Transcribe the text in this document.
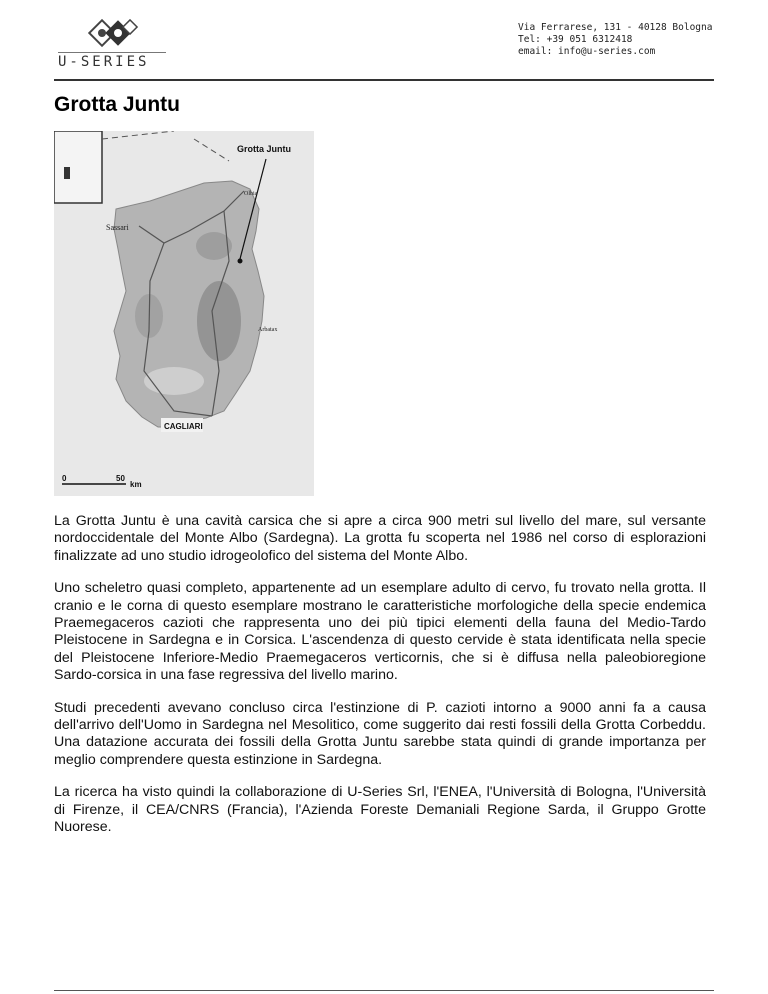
U-SERIES
Via Ferrarese, 131 - 40128 Bologna
Tel: +39 051 6312418
email: info@u-series.com
Grotta Juntu
Grotta Juntu
Sassari
Olbia
Arbatax
CAGLIARI
0	50
km

La Grotta Juntu è una cavità carsica che si apre a circa 900 metri sul livello del mare, sul versante nordoccidentale del Monte Albo (Sardegna). La grotta fu scoperta nel 1986 nel corso di esplorazioni finalizzate ad uno studio idrogeolofico del sistema del Monte Albo.

Uno scheletro quasi completo, appartenente ad un esemplare adulto di cervo, fu trovato nella grotta. Il cranio e le corna di questo esemplare mostrano le caratteristiche morfologiche della specie endemica Praemegaceros cazioti che rappresenta uno dei più tipici elementi della fauna del Medio-Tardo Pleistocene in Sardegna e in Corsica. L'ascendenza di questo cervide è stata identificata nella specie del Pleistocene Inferiore-Medio Praemegaceros verticornis, che si è diffusa nella paleobioregione Sardo-corsica in una fase regressiva del livello marino.

Studi precedenti avevano concluso circa l'estinzione di P. cazioti intorno a 9000 anni fa a causa dell'arrivo dell'Uomo in Sardegna nel Mesolitico, come suggerito dai resti fossili della Grotta Corbeddu. Una datazione accurata dei fossili della Grotta Juntu sarebbe stata quindi di grande importanza per meglio comprendere questa estinzione in Sardegna.

La ricerca ha visto quindi la collaborazione di U-Series Srl, l'ENEA, l'Università di Bologna, l'Università di Firenze, il CEA/CNRS (Francia), l'Azienda Foreste Demaniali Regione Sarda, il Gruppo Grotte Nuorese.
